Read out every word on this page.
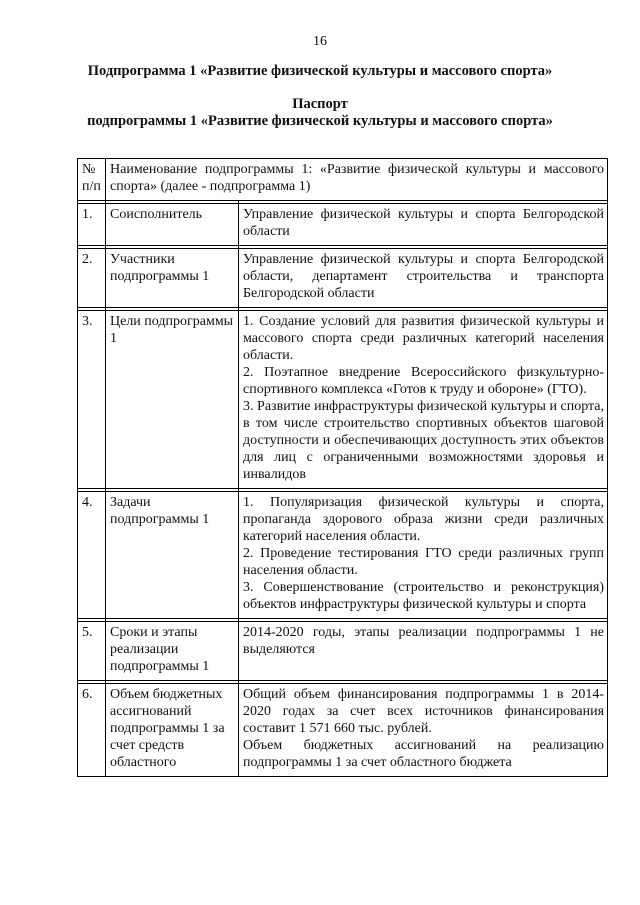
16
Подпрограмма 1 «Развитие физической культуры и массового спорта»
Паспорт
подпрограммы 1 «Развитие физической культуры и массового спорта»
№ п/п	Наименование подпрограммы 1: «Развитие физической культуры и массового спорта» (далее - подпрограмма 1)	

1.	Соисполнитель	Управление физической культуры и спорта Белгородской области

2.	Участники подпрограммы 1	Управление физической культуры и спорта Белгородской области, департамент строительства и транспорта Белгородской области

3.	Цели подпрограммы 1	1. Создание условий для развития физической культуры и массового спорта среди различных категорий населения области.

2. Поэтапное внедрение Всероссийского физкультурно-спортивного комплекса «Готов к труду и обороне» (ГТО).

3. Развитие инфраструктуры физической культуры и спорта, в том числе строительство спортивных объектов шаговой доступности и обеспечивающих доступность этих объектов для лиц с ограниченными возможностями здоровья и инвалидов

4.	Задачи подпрограммы 1	1. Популяризация физической культуры и спорта, пропаганда здорового образа жизни среди различных категорий населения области.

2. Проведение тестирования ГТО среди различных групп населения области.

3. Совершенствование (строительство и реконструкция) объектов инфраструктуры физической культуры и спорта

5.	Сроки и этапы реализации подпрограммы 1	2014-2020 годы, этапы реализации подпрограммы 1 не выделяются

6.	Объем бюджетных ассигнований подпрограммы 1 за счет средств областного	Общий объем финансирования подпрограммы 1 в 2014-2020 годах за счет всех источников финансирования составит 1 571 660 тыс. рублей.

Объем бюджетных ассигнований на реализацию подпрограммы 1 за счет областного бюджета
